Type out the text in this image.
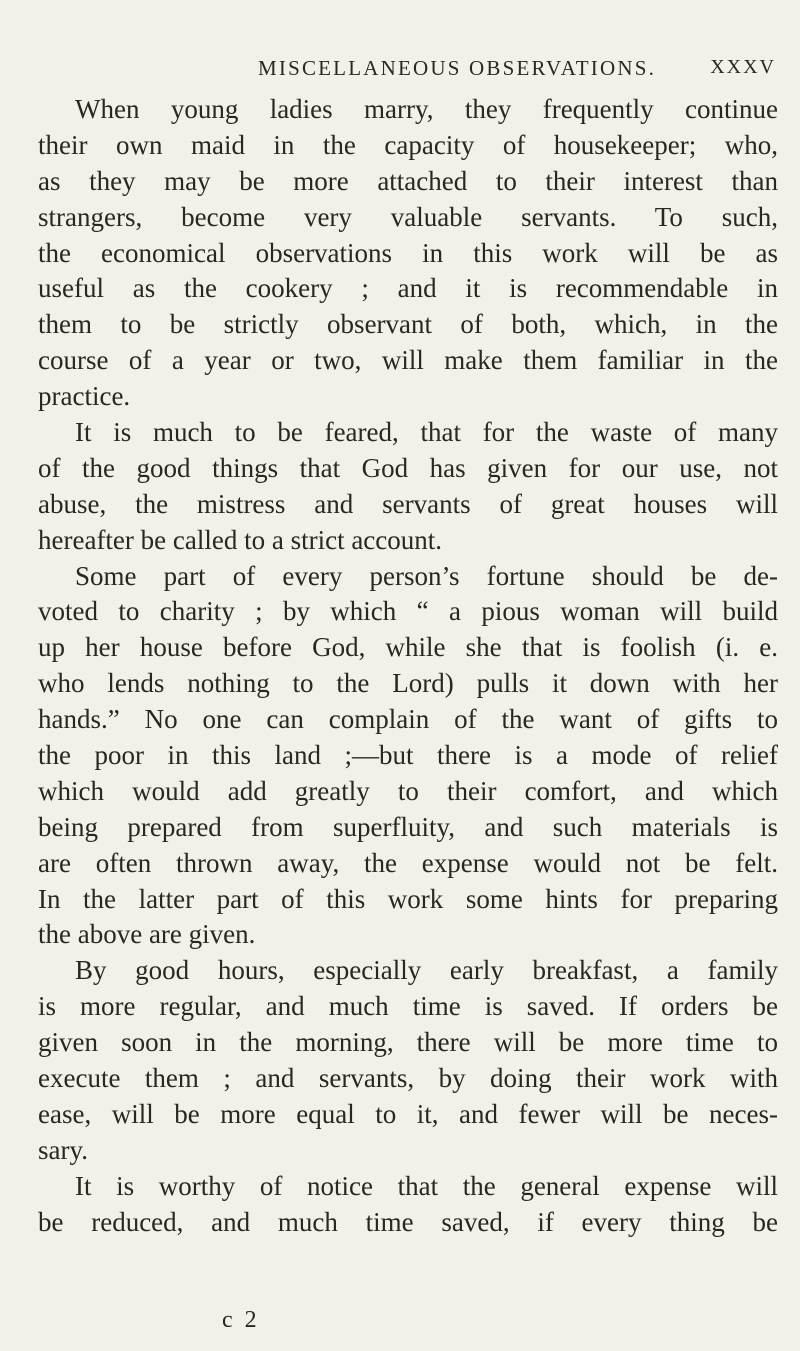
MISCELLANEOUS OBSERVATIONS.	XXXV
When young ladies marry, they frequently continue
their own maid in the capacity of housekeeper; who,
as they may be more attached to their interest than
strangers, become very valuable servants. To such,
the economical observations in this work will be as
useful as the cookery ; and it is recommendable in
them to be strictly observant of both, which, in the
course of a year or two, will make them familiar in the
practice.
It is much to be feared, that for the waste of many
of the good things that God has given for our use, not
abuse, the mistress and servants of great houses will
hereafter be called to a strict account.
Some part of every person’s fortune should be de-
voted to charity ; by which “ a pious woman will build
up her house before God, while she that is foolish (i. e.
who lends nothing to the Lord) pulls it down with her
hands.” No one can complain of the want of gifts to
the poor in this land ;—but there is a mode of relief
which would add greatly to their comfort, and which
being prepared from superfluity, and such materials is
are often thrown away, the expense would not be felt.
In the latter part of this work some hints for preparing
the above are given.
By good hours, especially early breakfast, a family
is more regular, and much time is saved. If orders be
given soon in the morning, there will be more time to
execute them ; and servants, by doing their work with
ease, will be more equal to it, and fewer will be neces-
sary.
It is worthy of notice that the general expense will
be reduced, and much time saved, if every thing be
c 2
